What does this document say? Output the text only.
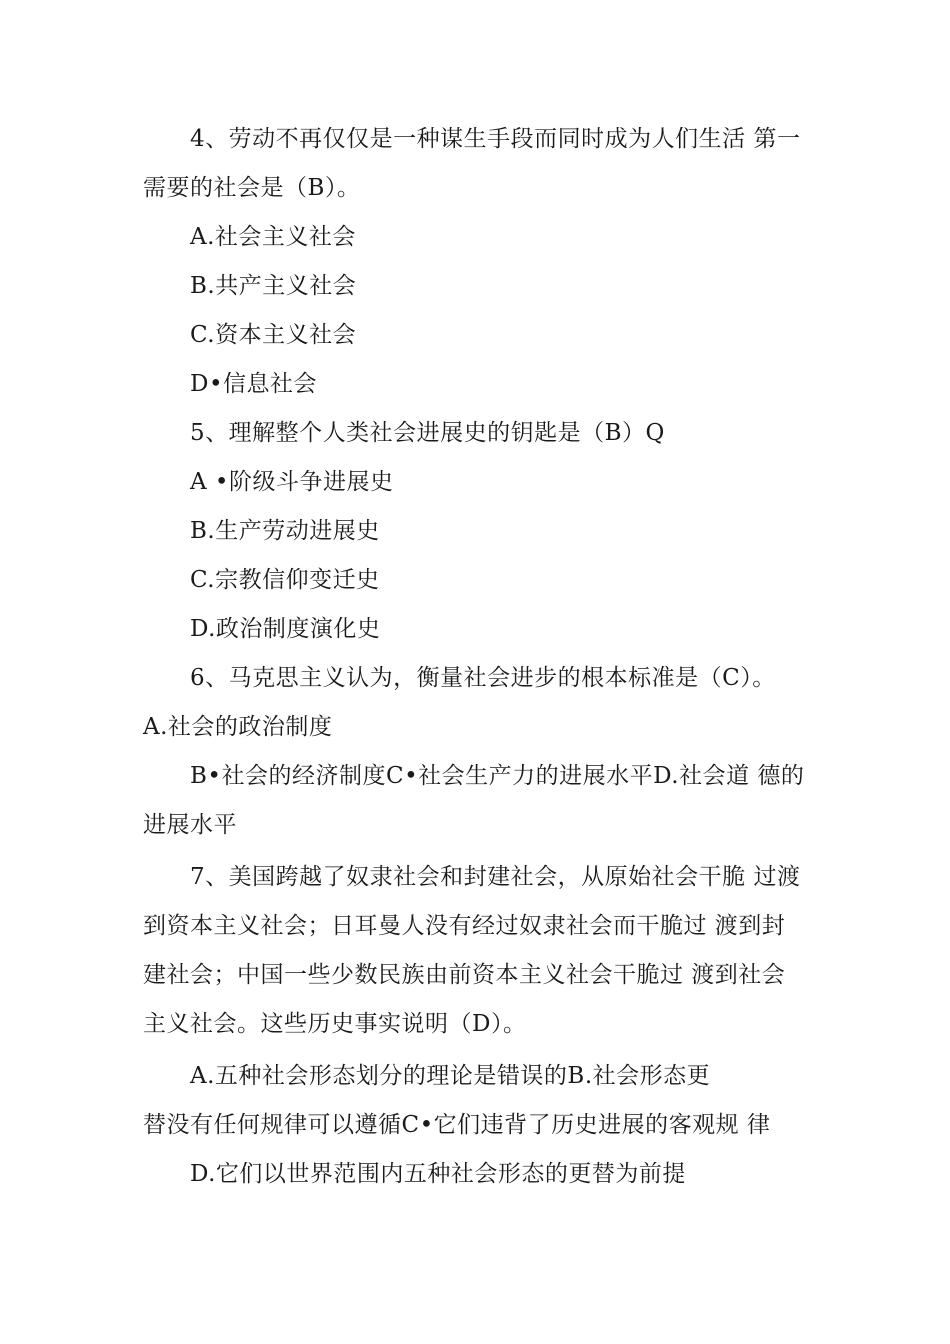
4、劳动不再仅仅是一种谋生手段而同时成为人们生活 第一

需要的社会是（B）。

A.社会主义社会

B.共产主义社会

C.资本主义社会

D•信息社会

5、理解整个人类社会进展史的钥匙是（B）Q

A •阶级斗争进展史

B.生产劳动进展史

C.宗教信仰变迁史

D.政治制度演化史

6、马克思主义认为，衡量社会进步的根本标准是（C）。

A.社会的政治制度

B•社会的经济制度C•社会生产力的进展水平D.社会道 德的

进展水平

7、美国跨越了奴隶社会和封建社会，从原始社会干脆 过渡

到资本主义社会；日耳曼人没有经过奴隶社会而干脆过 渡到封

建社会；中国一些少数民族由前资本主义社会干脆过 渡到社会

主义社会。这些历史事实说明（D）。

A.五种社会形态划分的理论是错误的B.社会形态更

替没有任何规律可以遵循C•它们违背了历史进展的客观规 律

D.它们以世界范围内五种社会形态的更替为前提
